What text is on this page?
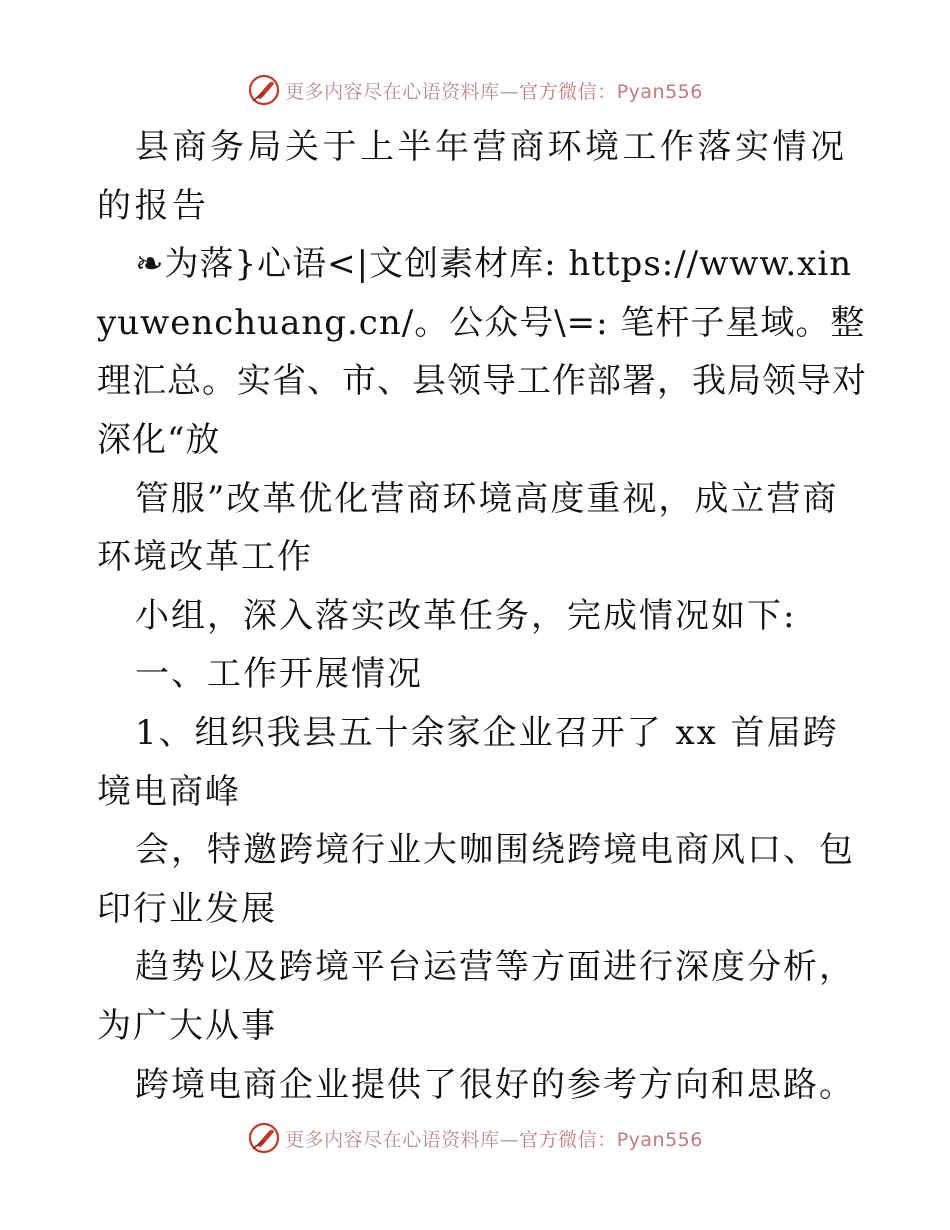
更多内容尽在心语资料库—官方微信：Pyan556

县商务局关于上半年营商环境工作落实情况的报告

❧为落}心语<|文创素材库: https://www.xinyuwenchuang.cn/。公众号\=: 笔杆子星域。整理汇总。实省、市、县领导工作部署，我局领导对深化“放

管服”改革优化营商环境高度重视，成立营商环境改革工作

小组，深入落实改革任务，完成情况如下:

一、工作开展情况

1、组织我县五十余家企业召开了 xx 首届跨境电商峰

会，特邀跨境行业大咖围绕跨境电商风口、包印行业发展

趋势以及跨境平台运营等方面进行深度分析，为广大从事

跨境电商企业提供了很好的参考方向和思路。

更多内容尽在心语资料库—官方微信：Pyan556
